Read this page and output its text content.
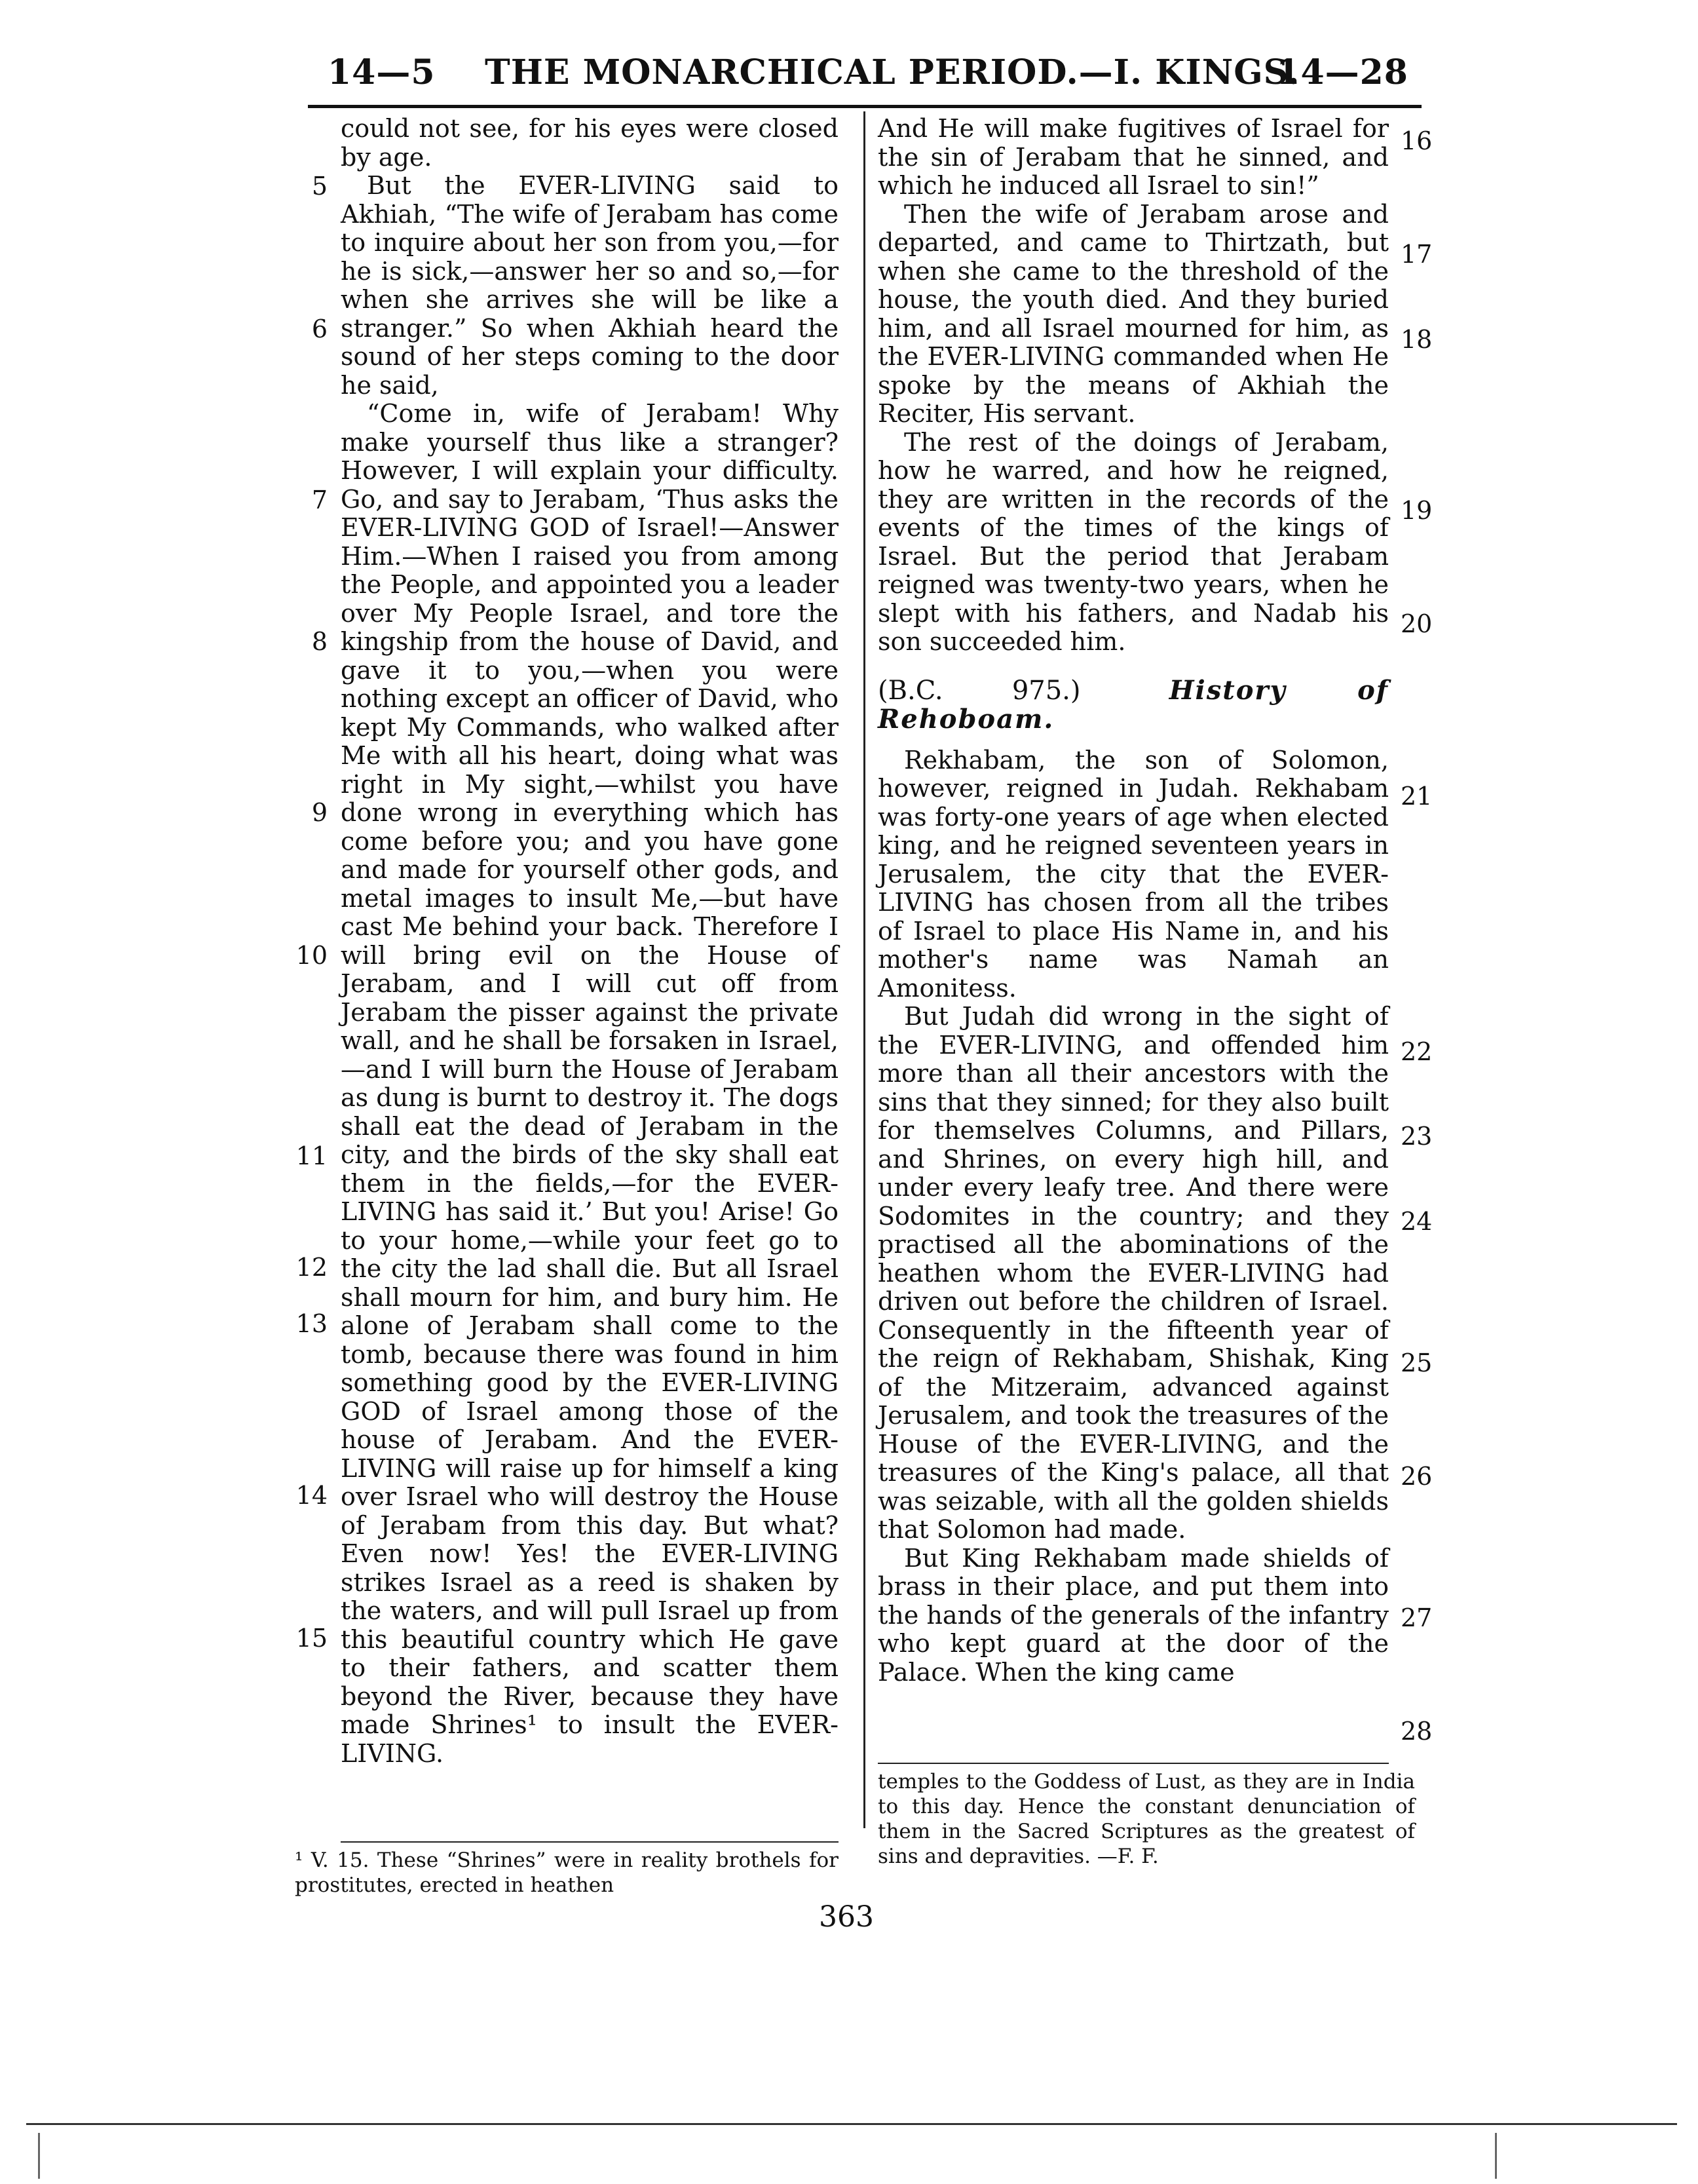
14—5 THE MONARCHICAL PERIOD.—I. KINGS.
14—28
5
6
7
8
9
10
11
12
13
14
15

could not see, for his eyes were closed by age.

But the EVER-LIVING said to Akhiah, “The wife of Jerabam has come to inquire about her son from you,—for he is sick,—answer her so and so,—for when she arrives she will be like a stranger.” So when Akhiah heard the sound of her steps coming to the door he said,

“Come in, wife of Jerabam! Why make yourself thus like a stranger? However, I will explain your difficulty. Go, and say to Jerabam, ‘Thus asks the EVER-LIVING GOD of Israel!—Answer Him.—When I raised you from among the People, and appointed you a leader over My People Israel, and tore the kingship from the house of David, and gave it to you,—when you were nothing except an officer of David, who kept My Commands, who walked after Me with all his heart, doing what was right in My sight,—whilst you have done wrong in everything which has come before you; and you have gone and made for yourself other gods, and metal images to insult Me,—but have cast Me behind your back. Therefore I will bring evil on the House of Jerabam, and I will cut off from Jerabam the pisser against the private wall, and he shall be forsaken in Israel,—and I will burn the House of Jerabam as dung is burnt to destroy it. The dogs shall eat the dead of Jerabam in the city, and the birds of the sky shall eat them in the fields,—for the EVER-LIVING has said it.’ But you! Arise! Go to your home,—while your feet go to the city the lad shall die. But all Israel shall mourn for him, and bury him. He alone of Jerabam shall come to the tomb, because there was found in him something good by the EVER-LIVING GOD of Israel among those of the house of Jerabam. And the EVER-LIVING will raise up for himself a king over Israel who will destroy the House of Jerabam from this day. But what? Even now! Yes! the EVER-LIVING strikes Israel as a reed is shaken by the waters, and will pull Israel up from this beautiful country which He gave to their fathers, and scatter them beyond the River, because they have made Shrines¹ to insult the EVER-LIVING.

16
17
18
19
20
21
22
23
24
25
26
27
28

And He will make fugitives of Israel for the sin of Jerabam that he sinned, and which he induced all Israel to sin!”

Then the wife of Jerabam arose and departed, and came to Thirtzath, but when she came to the threshold of the house, the youth died. And they buried him, and all Israel mourned for him, as the EVER-LIVING commanded when He spoke by the means of Akhiah the Reciter, His servant.

The rest of the doings of Jerabam, how he warred, and how he reigned, they are written in the records of the events of the times of the kings of Israel. But the period that Jerabam reigned was twenty-two years, when he slept with his fathers, and Nadab his son succeeded him.

(B.C. 975.)	History of Rehoboam.

Rekhabam, the son of Solomon, however, reigned in Judah. Rekhabam was forty-one years of age when elected king, and he reigned seventeen years in Jerusalem, the city that the EVER-LIVING has chosen from all the tribes of Israel to place His Name in, and his mother's name was Namah an Amonitess.

But Judah did wrong in the sight of the EVER-LIVING, and offended him more than all their ancestors with the sins that they sinned; for they also built for themselves Columns, and Pillars, and Shrines, on every high hill, and under every leafy tree. And there were Sodomites in the country; and they practised all the abominations of the heathen whom the EVER-LIVING had driven out before the children of Israel. Consequently in the fifteenth year of the reign of Rekhabam, Shishak, King of the Mitzeraim, advanced against Jerusalem, and took the treasures of the House of the EVER-LIVING, and the treasures of the King's palace, all that was seizable, with all the golden shields that Solomon had made.

But King Rekhabam made shields of brass in their place, and put them into the hands of the generals of the infantry who kept guard at the door of the Palace. When the king came

¹ V. 15. These “Shrines” were in reality brothels for prostitutes, erected in heathen
temples to the Goddess of Lust, as they are in India to this day. Hence the constant denunciation of them in the Sacred Scriptures as the greatest of sins and depravities. —F. F.
363
